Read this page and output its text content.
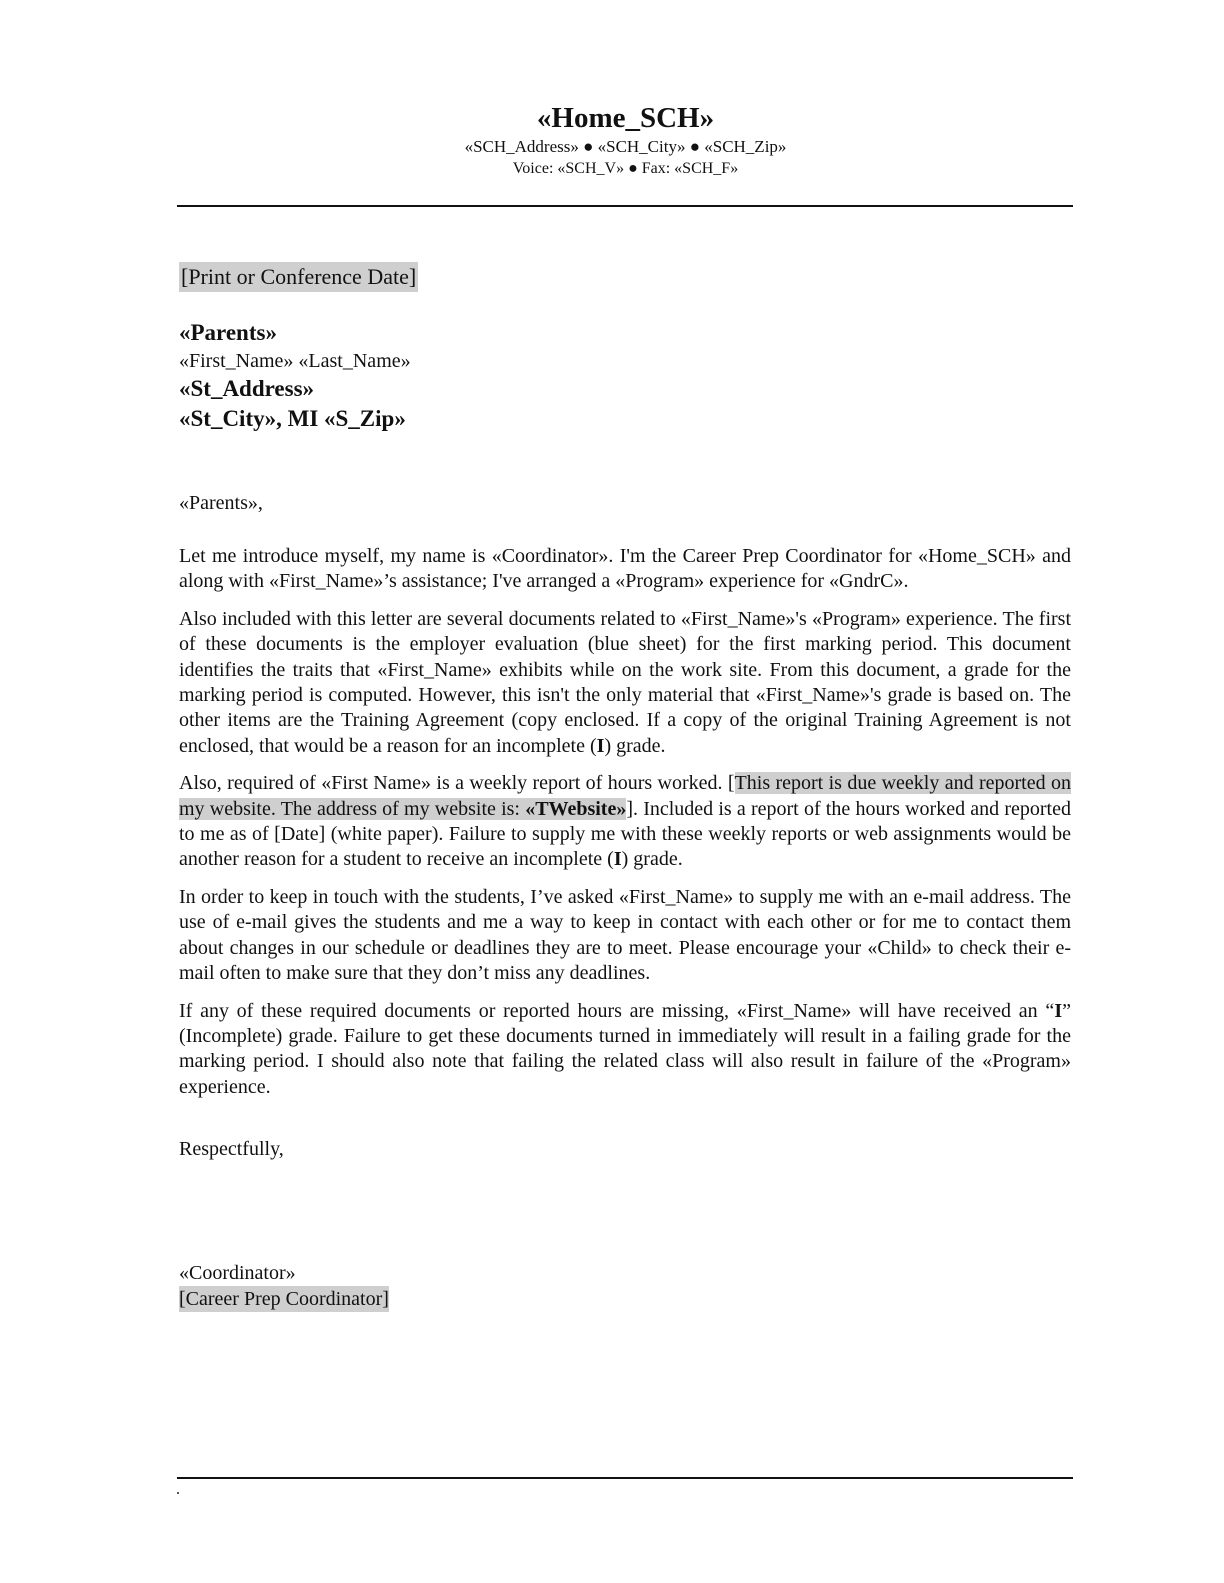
«Home_SCH»
«SCH_Address» ● «SCH_City» ● «SCH_Zip»
Voice: «SCH_V» ● Fax: «SCH_F»
[Print or Conference Date]
«Parents»
«First_Name» «Last_Name»
«St_Address»
«St_City», MI «S_Zip»
«Parents»,

Let me introduce myself, my name is «Coordinator». I'm the Career Prep Coordinator for «Home_SCH» and along with «First_Name»’s assistance; I've arranged a «Program» experience for «GndrC».

Also included with this letter are several documents related to «First_Name»'s «Program» experience. The first of these documents is the employer evaluation (blue sheet) for the first marking period. This document identifies the traits that «First_Name» exhibits while on the work site. From this document, a grade for the marking period is computed. However, this isn't the only material that «First_Name»'s grade is based on. The other items are the Training Agreement (copy enclosed. If a copy of the original Training Agreement is not enclosed, that would be a reason for an incomplete (I) grade.

Also, required of «First Name» is a weekly report of hours worked. [This report is due weekly and reported on my website. The address of my website is: «TWebsite»]. Included is a report of the hours worked and reported to me as of [Date] (white paper). Failure to supply me with these weekly reports or web assignments would be another reason for a student to receive an incomplete (I) grade.

In order to keep in touch with the students, I’ve asked «First_Name» to supply me with an e-mail address. The use of e-mail gives the students and me a way to keep in contact with each other or for me to contact them about changes in our schedule or deadlines they are to meet. Please encourage your «Child» to check their e-mail often to make sure that they don’t miss any deadlines.

If any of these required documents or reported hours are missing, «First_Name» will have received an “I” (Incomplete) grade. Failure to get these documents turned in immediately will result in a failing grade for the marking period. I should also note that failing the related class will also result in failure of the «Program» experience.

Respectfully,
«Coordinator»
[Career Prep Coordinator]
